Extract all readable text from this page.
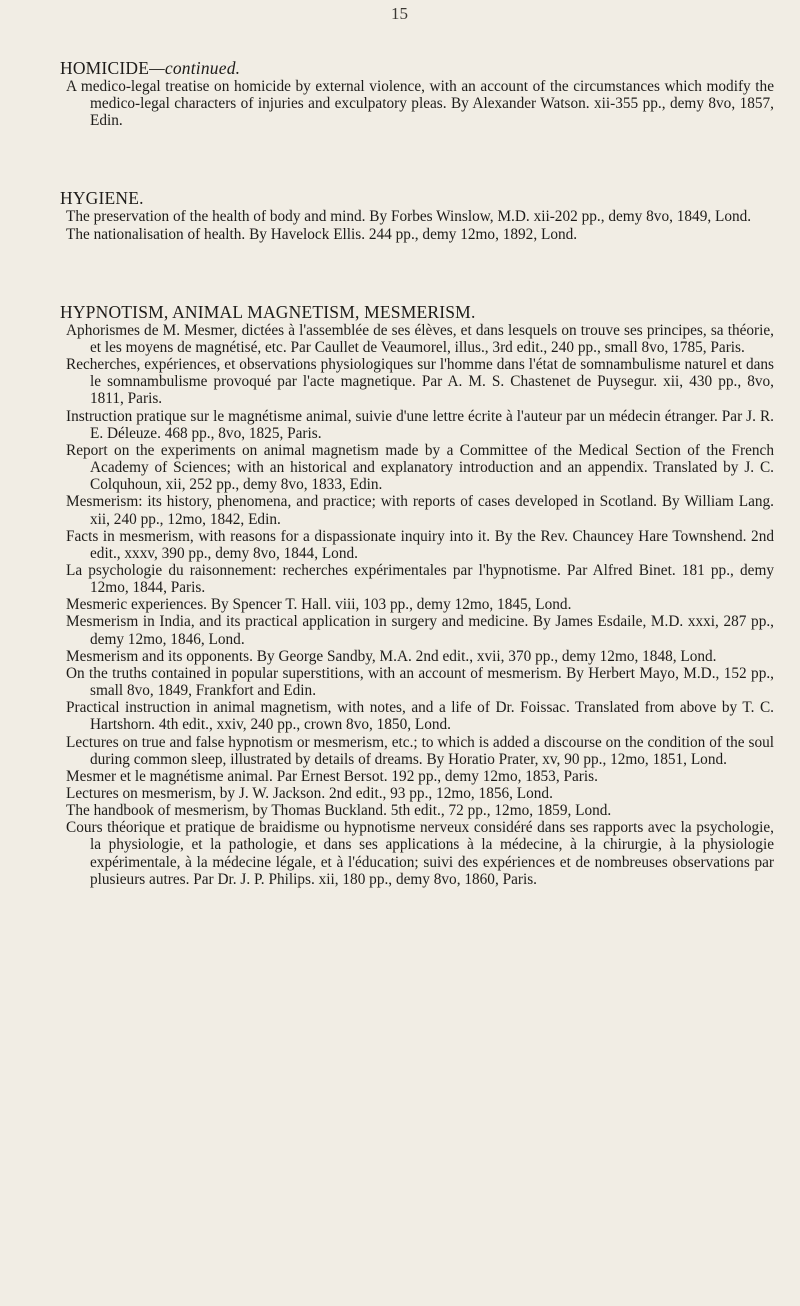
15

HOMICIDE—continued.

A medico-legal treatise on homicide by external violence, with an account of the circumstances which modify the medico-legal characters of injuries and exculpatory pleas. By Alexander Watson. xii-355 pp., demy 8vo, 1857, Edin.

HYGIENE.

The preservation of the health of body and mind. By Forbes Winslow, M.D. xii-202 pp., demy 8vo, 1849, Lond.
The nationalisation of health. By Havelock Ellis. 244 pp., demy 12mo, 1892, Lond.

HYPNOTISM, ANIMAL MAGNETISM, MESMERISM.

Aphorismes de M. Mesmer, dictées à l'assemblée de ses élèves, et dans lesquels on trouve ses principes, sa théorie, et les moyens de magnétisé, etc. Par Caullet de Veaumorel, illus., 3rd edit., 240 pp., small 8vo, 1785, Paris.
Recherches, expériences, et observations physiologiques sur l'homme dans l'état de somnambulisme naturel et dans le somnambulisme provoqué par l'acte magnetique. Par A. M. S. Chastenet de Puysegur. xii, 430 pp., 8vo, 1811, Paris.
Instruction pratique sur le magnétisme animal, suivie d'une lettre écrite à l'auteur par un médecin étranger. Par J. R. E. Déleuze. 468 pp., 8vo, 1825, Paris.
Report on the experiments on animal magnetism made by a Committee of the Medical Section of the French Academy of Sciences; with an historical and explanatory introduction and an appendix. Translated by J. C. Colquhoun, xii, 252 pp., demy 8vo, 1833, Edin.
Mesmerism: its history, phenomena, and practice; with reports of cases developed in Scotland. By William Lang. xii, 240 pp., 12mo, 1842, Edin.
Facts in mesmerism, with reasons for a dispassionate inquiry into it. By the Rev. Chauncey Hare Townshend. 2nd edit., xxxv, 390 pp., demy 8vo, 1844, Lond.
La psychologie du raisonnement: recherches expérimentales par l'hypnotisme. Par Alfred Binet. 181 pp., demy 12mo, 1844, Paris.
Mesmeric experiences. By Spencer T. Hall. viii, 103 pp., demy 12mo, 1845, Lond.
Mesmerism in India, and its practical application in surgery and medicine. By James Esdaile, M.D. xxxi, 287 pp., demy 12mo, 1846, Lond.
Mesmerism and its opponents. By George Sandby, M.A. 2nd edit., xvii, 370 pp., demy 12mo, 1848, Lond.
On the truths contained in popular superstitions, with an account of mesmerism. By Herbert Mayo, M.D., 152 pp., small 8vo, 1849, Frankfort and Edin.
Practical instruction in animal magnetism, with notes, and a life of Dr. Foissac. Translated from above by T. C. Hartshorn. 4th edit., xxiv, 240 pp., crown 8vo, 1850, Lond.
Lectures on true and false hypnotism or mesmerism, etc.; to which is added a discourse on the condition of the soul during common sleep, illustrated by details of dreams. By Horatio Prater, xv, 90 pp., 12mo, 1851, Lond.
Mesmer et le magnétisme animal. Par Ernest Bersot. 192 pp., demy 12mo, 1853, Paris.
Lectures on mesmerism, by J. W. Jackson. 2nd edit., 93 pp., 12mo, 1856, Lond.
The handbook of mesmerism, by Thomas Buckland. 5th edit., 72 pp., 12mo, 1859, Lond.
Cours théorique et pratique de braidisme ou hypnotisme nerveux considéré dans ses rapports avec la psychologie, la physiologie, et la pathologie, et dans ses applications à la médecine, à la chirurgie, à la physiologie expérimentale, à la médecine légale, et à l'éducation; suivi des expériences et de nombreuses observations par plusieurs autres. Par Dr. J. P. Philips. xii, 180 pp., demy 8vo, 1860, Paris.
